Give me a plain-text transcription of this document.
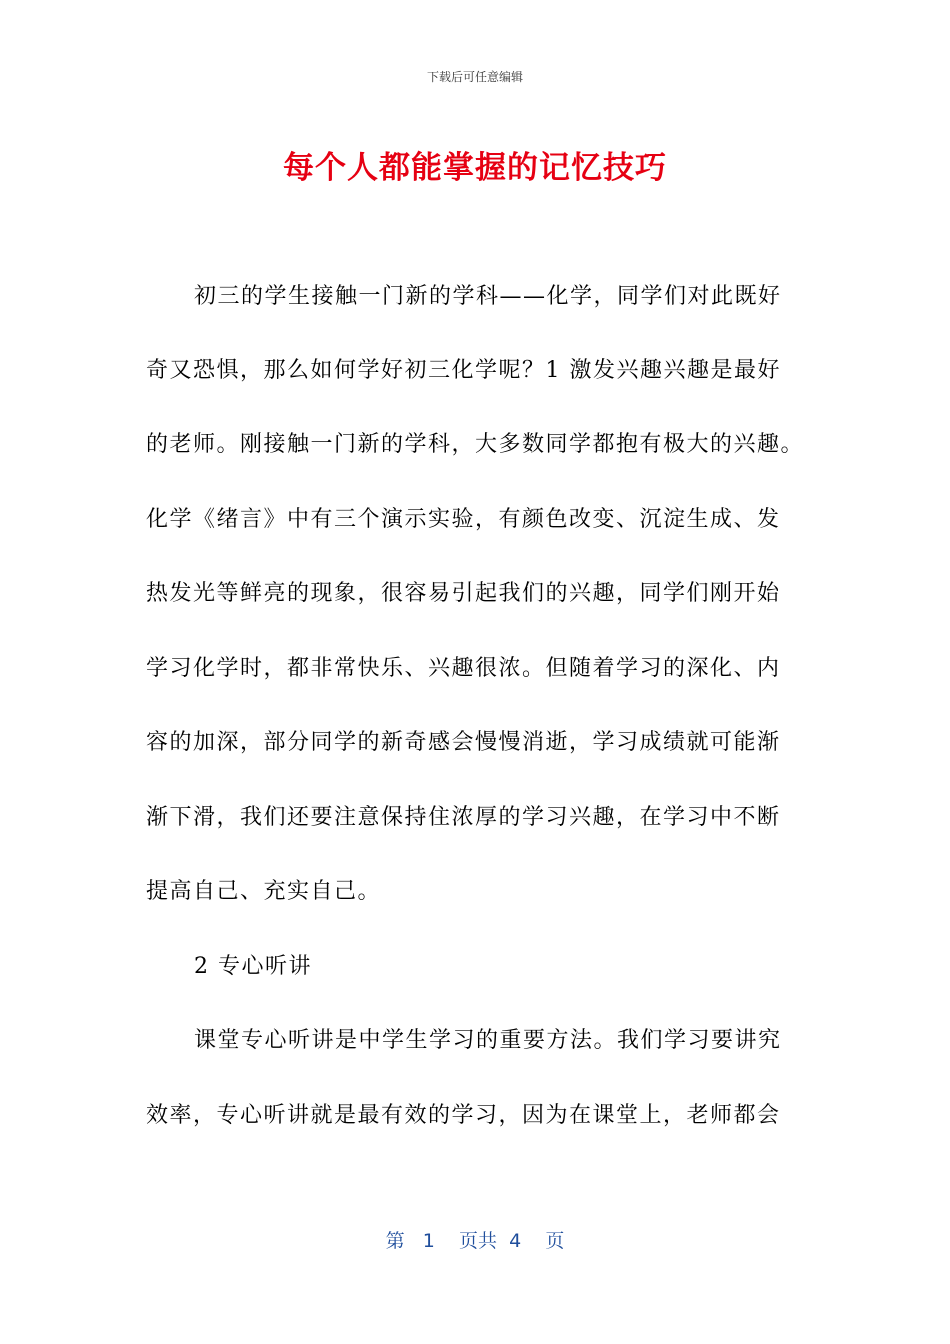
下载后可任意编辑
每个人都能掌握的记忆技巧
初三的学生接触一门新的学科——化学，同学们对此既好
奇又恐惧，那么如何学好初三化学呢？1 激发兴趣兴趣是最好
的老师。刚接触一门新的学科，大多数同学都抱有极大的兴趣。
化学《绪言》中有三个演示实验，有颜色改变、沉淀生成、发
热发光等鲜亮的现象，很容易引起我们的兴趣，同学们刚开始
学习化学时，都非常快乐、兴趣很浓。但随着学习的深化、内
容的加深，部分同学的新奇感会慢慢消逝，学习成绩就可能渐
渐下滑，我们还要注意保持住浓厚的学习兴趣，在学习中不断
提高自己、充实自己。
2 专心听讲
课堂专心听讲是中学生学习的重要方法。我们学习要讲究
效率，专心听讲就是最有效的学习，因为在课堂上，老师都会
第 1 页共 4 页
